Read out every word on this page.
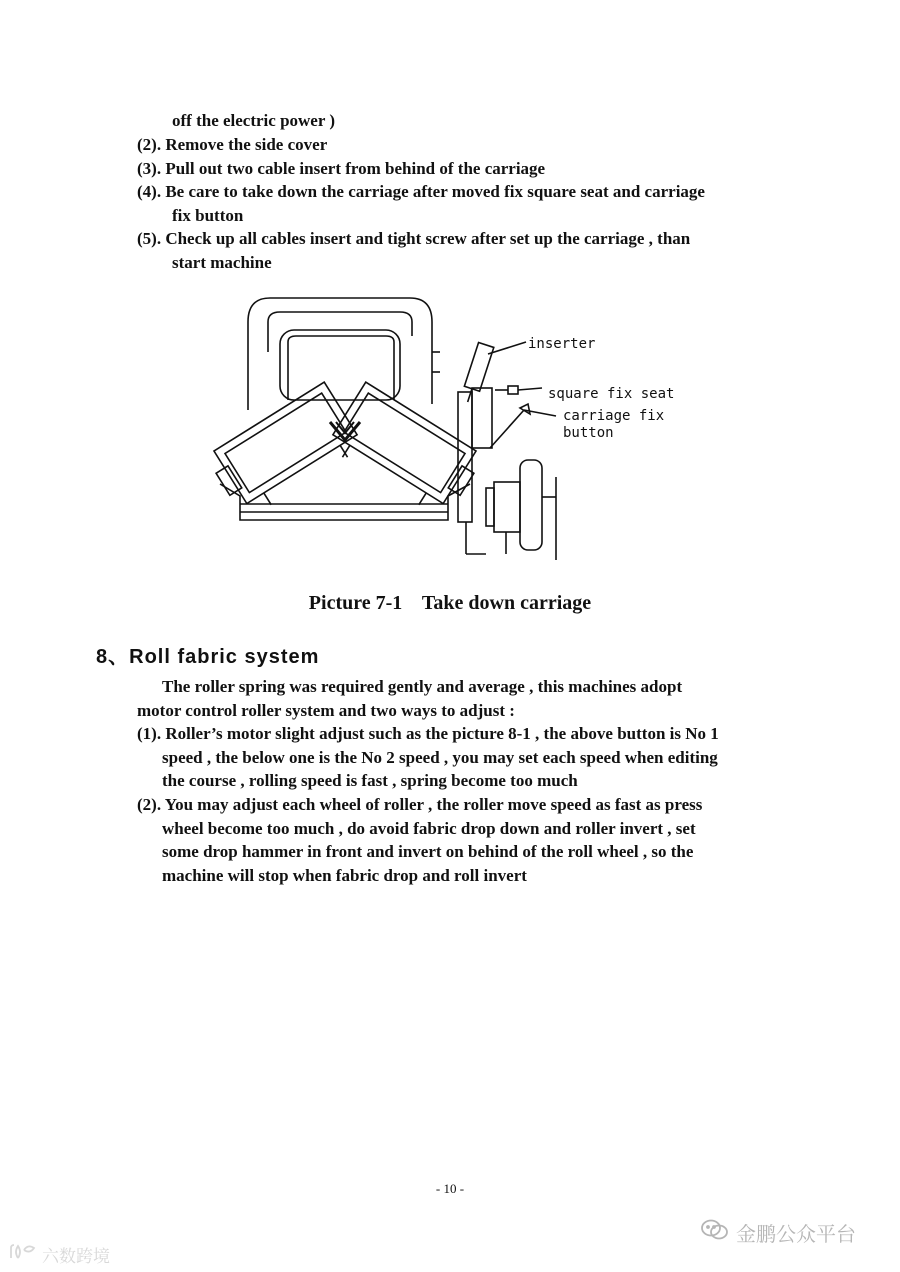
off the electric power )
(2). Remove the side cover
(3). Pull out two cable insert from behind of the carriage
(4). Be care to take down the carriage after moved fix square seat and carriage
fix button
(5). Check up all cables insert and tight screw after set up the carriage , than
start machine
inserter
square fix seat
carriage fix
button
Picture 7-1    Take down carriage
8、Roll fabric system
The roller spring was required gently and average , this machines adopt
motor control roller system and two ways to adjust :
(1). Roller’s motor slight adjust such as the picture 8-1 , the above button is No 1
speed , the below one is the No 2 speed , you may set each speed when editing
the course , rolling speed is fast , spring become too much
(2). You may adjust each wheel of roller , the roller move speed as fast as press
wheel become too much , do avoid fabric drop down and roller invert , set
some drop hammer in front and invert on behind of the roll wheel , so the
machine will stop when fabric drop and roll invert
- 10 -
金鹏公众平台
六数跨境
